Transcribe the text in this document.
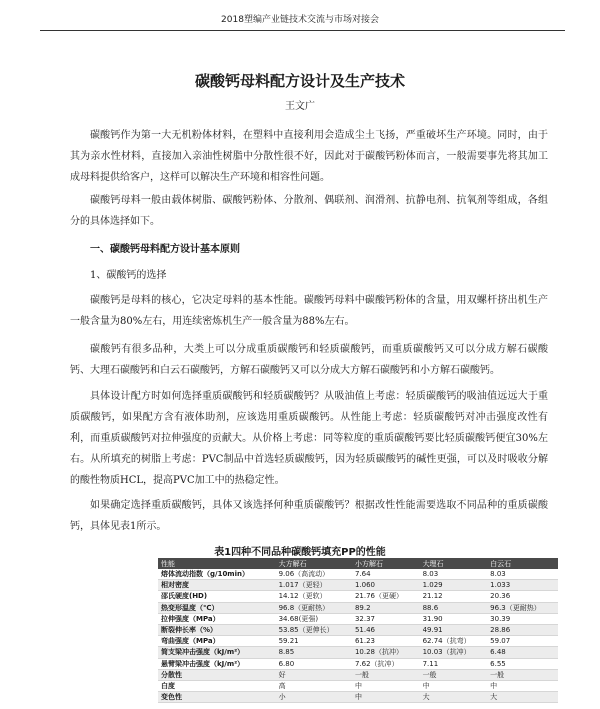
2018塑编产业链技术交流与市场对接会
碳酸钙母料配方设计及生产技术
王文广
碳酸钙作为第一大无机粉体材料，在塑料中直接利用会造成尘土飞扬，严重破坏生产环境。同时，由于其为亲水性材料，直接加入亲油性树脂中分散性很不好，因此对于碳酸钙粉体而言，一般需要事先将其加工成母料提供给客户，这样可以解决生产环境和相容性问题。
碳酸钙母料一般由载体树脂、碳酸钙粉体、分散剂、偶联剂、润滑剂、抗静电剂、抗氧剂等组成，各组分的具体选择如下。
一、碳酸钙母料配方设计基本原则
1、碳酸钙的选择
碳酸钙是母料的核心，它决定母料的基本性能。碳酸钙母料中碳酸钙粉体的含量，用双螺杆挤出机生产一般含量为80%左右，用连续密炼机生产一般含量为88%左右。
碳酸钙有很多品种，大类上可以分成重质碳酸钙和轻质碳酸钙，而重质碳酸钙又可以分成方解石碳酸钙、大理石碳酸钙和白云石碳酸钙，方解石碳酸钙又可以分成大方解石碳酸钙和小方解石碳酸钙。
具体设计配方时如何选择重质碳酸钙和轻质碳酸钙？从吸油值上考虑：轻质碳酸钙的吸油值远远大于重质碳酸钙，如果配方含有液体助剂，应该选用重质碳酸钙。从性能上考虑：轻质碳酸钙对冲击强度改性有利，而重质碳酸钙对拉伸强度的贡献大。从价格上考虑：同等粒度的重质碳酸钙要比轻质碳酸钙便宜30%左右。从所填充的树脂上考虑：PVC制品中首选轻质碳酸钙，因为轻质碳酸钙的碱性更强，可以及时吸收分解的酸性物质HCL，提高PVC加工中的热稳定性。
如果确定选择重质碳酸钙，具体又该选择何种重质碳酸钙？根据改性性能需要选取不同品种的重质碳酸钙，具体见表1所示。
表1四种不同品种碳酸钙填充PP的性能
性能	大方解石	小方解石	大理石	白云石
熔体流动指数（g/10min）	9.06（高流动）	7.64	8.03	8.03
相对密度	1.017（更轻）	1.060	1.029	1.033
邵氏硬度(HD)	14.12（更软）	21.76（更硬）	21.12	20.36
热变形温度（℃）	96.8（更耐热）	89.2	88.6	96.3（更耐热）
拉伸强度（MPa）	34.68(更强)	32.37	31.90	30.39
断裂伸长率（%）	53.85（更伸长）	51.46	49.91	28.86
弯曲强度（MPa）	59.21	61.23	62.74（抗弯）	59.07
简支梁冲击强度（kJ/m²）	8.85	10.28（抗冲）	10.03（抗冲）	6.48
悬臂梁冲击强度（kJ/m²）	6.80	7.62（抗冲）	7.11	6.55
分散性	好	一般	一般	一般
白度	高	中	中	中
变色性	小	中	大	大
